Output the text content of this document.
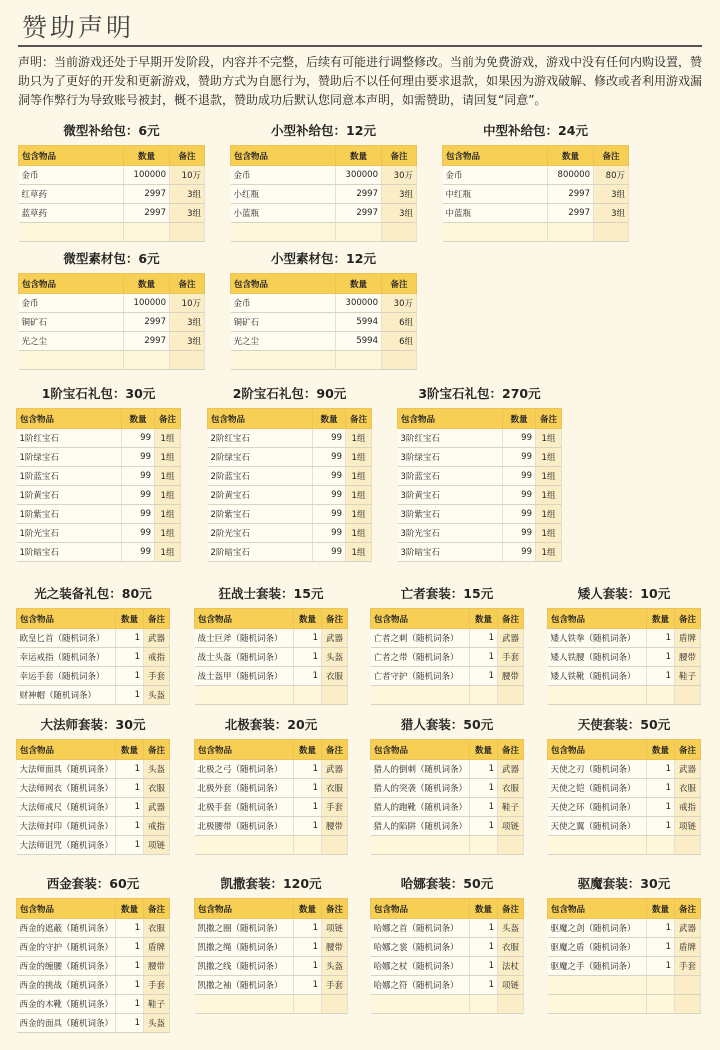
赞助声明
声明：当前游戏还处于早期开发阶段，内容并不完整，后续有可能进行调整修改。当前为免费游戏，游戏中没有任何内购设置，赞助只为了更好的开发和更新游戏，赞助方式为自愿行为，赞助后不以任何理由要求退款，如果因为游戏破解、修改或者利用游戏漏洞等作弊行为导致账号被封，概不退款，赞助成功后默认您同意本声明，如需赞助，请回复“同意”。
微型补给包：6元
包含物品	数量	备注
金币	100000	10万
红草药	2997	3组
蓝草药	2997	3组

小型补给包：12元
包含物品	数量	备注
金币	300000	30万
小红瓶	2997	3组
小蓝瓶	2997	3组

中型补给包：24元
包含物品	数量	备注
金币	800000	80万
中红瓶	2997	3组
中蓝瓶	2997	3组

微型素材包：6元
包含物品	数量	备注
金币	100000	10万
铜矿石	2997	3组
光之尘	2997	3组

小型素材包：12元
包含物品	数量	备注
金币	300000	30万
铜矿石	5994	6组
光之尘	5994	6组

1阶宝石礼包：30元
包含物品	数量	备注
1阶红宝石	99	1组
1阶绿宝石	99	1组
1阶蓝宝石	99	1组
1阶黄宝石	99	1组
1阶紫宝石	99	1组
1阶光宝石	99	1组
1阶暗宝石	99	1组
2阶宝石礼包：90元
包含物品	数量	备注
2阶红宝石	99	1组
2阶绿宝石	99	1组
2阶蓝宝石	99	1组
2阶黄宝石	99	1组
2阶紫宝石	99	1组
2阶光宝石	99	1组
2阶暗宝石	99	1组
3阶宝石礼包：270元
包含物品	数量	备注
3阶红宝石	99	1组
3阶绿宝石	99	1组
3阶蓝宝石	99	1组
3阶黄宝石	99	1组
3阶紫宝石	99	1组
3阶光宝石	99	1组
3阶暗宝石	99	1组
光之装备礼包：80元
包含物品	数量	备注
欧皇匕首（随机词条）	1	武器
幸运戒指（随机词条）	1	戒指
幸运手套（随机词条）	1	手套
财神帽（随机词条）	1	头盔
狂战士套装：15元
包含物品	数量	备注
战士巨斧（随机词条）	1	武器
战士头盔（随机词条）	1	头盔
战士盔甲（随机词条）	1	衣服

亡者套装：15元
包含物品	数量	备注
亡者之刺（随机词条）	1	武器
亡者之带（随机词条）	1	手套
亡者守护（随机词条）	1	腰带

矮人套装：10元
包含物品	数量	备注
矮人铁拳（随机词条）	1	盾牌
矮人铁腰（随机词条）	1	腰带
矮人铁靴（随机词条）	1	鞋子

大法师套装：30元
包含物品	数量	备注
大法师面具（随机词条）	1	头盔
大法师网衣（随机词条）	1	衣服
大法师戒尺（随机词条）	1	武器
大法师封印（随机词条）	1	戒指
大法师诅咒（随机词条）	1	项链
北极套装：20元
包含物品	数量	备注
北极之弓（随机词条）	1	武器
北极外套（随机词条）	1	衣服
北极手套（随机词条）	1	手套
北极腰带（随机词条）	1	腰带

猎人套装：50元
包含物品	数量	备注
猎人的倒刺（随机词条）	1	武器
猎人的突袭（随机词条）	1	衣服
猎人的跑靴（随机词条）	1	鞋子
猎人的陷阱（随机词条）	1	项链

天使套装：50元
包含物品	数量	备注
天使之刃（随机词条）	1	武器
天使之铠（随机词条）	1	衣服
天使之环（随机词条）	1	戒指
天使之翼（随机词条）	1	项链

西金套装：60元
包含物品	数量	备注
西金的遮蔽（随机词条）	1	衣服
西金的守护（随机词条）	1	盾牌
西金的缠腰（随机词条）	1	腰带
西金的挑战（随机词条）	1	手套
西金的木靴（随机词条）	1	鞋子
西金的面具（随机词条）	1	头盔
凯撒套装：120元
包含物品	数量	备注
凯撒之圈（随机词条）	1	项链
凯撒之绳（随机词条）	1	腰带
凯撒之线（随机词条）	1	头盔
凯撒之袖（随机词条）	1	手套

哈娜套装：50元
包含物品	数量	备注
哈娜之首（随机词条）	1	头盔
哈娜之裳（随机词条）	1	衣服
哈娜之杖（随机词条）	1	法杖
哈娜之符（随机词条）	1	项链

驱魔套装：30元
包含物品	数量	备注
驱魔之剑（随机词条）	1	武器
驱魔之盾（随机词条）	1	盾牌
驱魔之手（随机词条）	1	手套
